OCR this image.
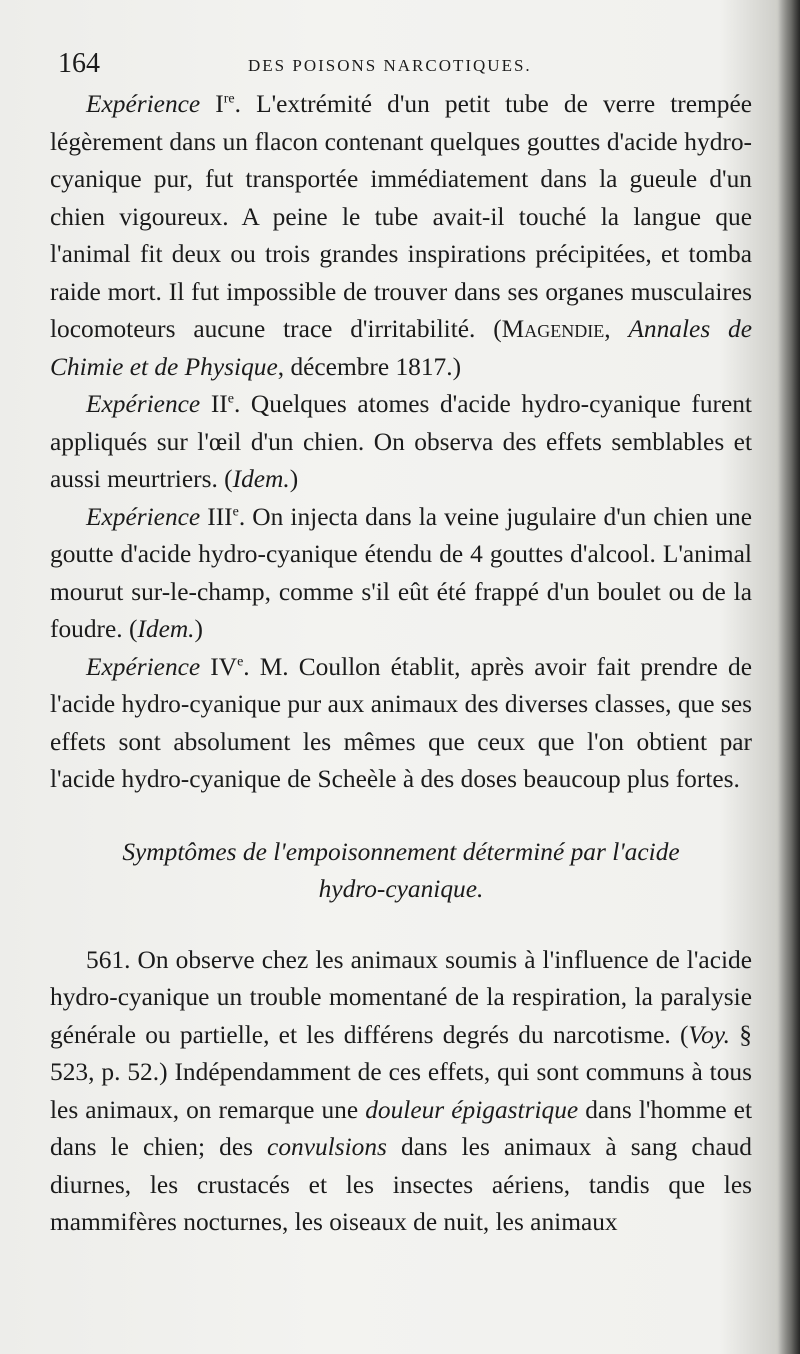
164	DES POISONS NARCOTIQUES.

Expérience Ire. L'extrémité d'un petit tube de verre trempée légèrement dans un flacon contenant quelques gouttes d'acide hydro-cyanique pur, fut transportée immédiatement dans la gueule d'un chien vigoureux. A peine le tube avait-il touché la langue que l'animal fit deux ou trois grandes inspirations précipitées, et tomba raide mort. Il fut impossible de trouver dans ses organes musculaires locomoteurs aucune trace d'irritabilité. (Magendie, Annales de Chimie et de Physique, décembre 1817.)

Expérience IIe. Quelques atomes d'acide hydro-cyanique furent appliqués sur l'œil d'un chien. On observa des effets semblables et aussi meurtriers. (Idem.)

Expérience IIIe. On injecta dans la veine jugulaire d'un chien une goutte d'acide hydro-cyanique étendu de 4 gouttes d'alcool. L'animal mourut sur-le-champ, comme s'il eût été frappé d'un boulet ou de la foudre. (Idem.)

Expérience IVe. M. Coullon établit, après avoir fait prendre de l'acide hydro-cyanique pur aux animaux des diverses classes, que ses effets sont absolument les mêmes que ceux que l'on obtient par l'acide hydro-cyanique de Scheèle à des doses beaucoup plus fortes.

Symptômes de l'empoisonnement déterminé par l'acide
hydro-cyanique.

561. On observe chez les animaux soumis à l'influence de l'acide hydro-cyanique un trouble momentané de la respiration, la paralysie générale ou partielle, et les différens degrés du narcotisme. (Voy. § 523, p. 52.) Indépendamment de ces effets, qui sont communs à tous les animaux, on remarque une douleur épigastrique dans l'homme et dans le chien; des convulsions dans les animaux à sang chaud diurnes, les crustacés et les insectes aériens, tandis que les mammifères nocturnes, les oiseaux de nuit, les animaux
